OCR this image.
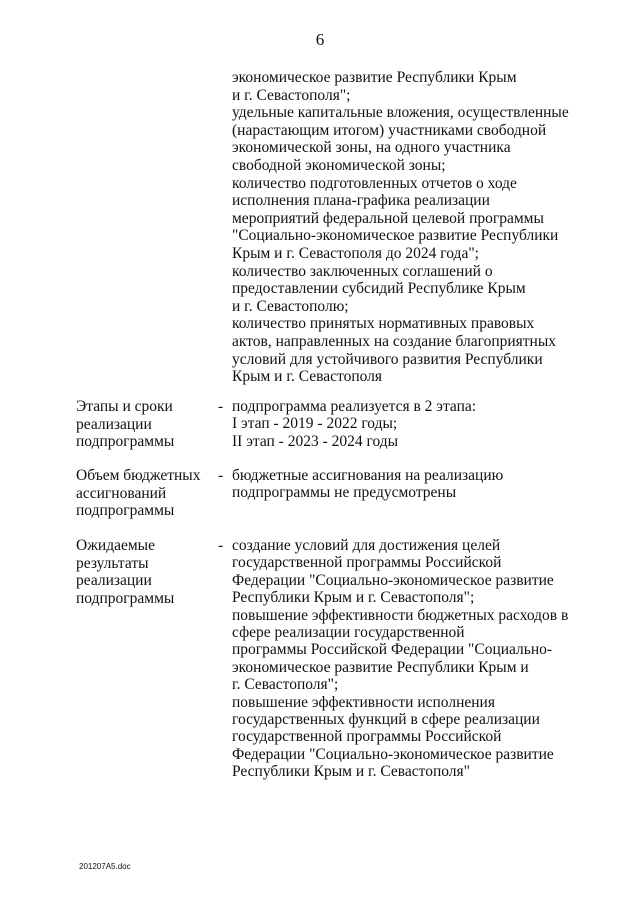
6
экономическое развитие Республики Крым
и г. Севастополя";
удельные капитальные вложения, осуществленные
(нарастающим итогом) участниками свободной
экономической зоны, на одного участника
свободной экономической зоны;
количество подготовленных отчетов о ходе
исполнения плана-графика реализации
мероприятий федеральной целевой программы
"Социально-экономическое развитие Республики
Крым и г. Севастополя до 2024 года";
количество заключенных соглашений о
предоставлении субсидий Республике Крым
и г. Севастополю;
количество принятых нормативных правовых
актов, направленных на создание благоприятных
условий для устойчивого развития Республики
Крым и г. Севастополя
Этапы и сроки
реализации
подпрограммы
- подпрограмма реализуется в 2 этапа:
I этап - 2019 - 2022 годы;
II этап - 2023 - 2024 годы
Объем бюджетных
ассигнований
подпрограммы
- бюджетные ассигнования на реализацию
подпрограммы не предусмотрены
Ожидаемые
результаты
реализации
подпрограммы
- создание условий для достижения целей
государственной программы Российской
Федерации "Социально-экономическое развитие
Республики Крым и г. Севастополя";
повышение эффективности бюджетных расходов в
сфере реализации государственной
программы Российской Федерации "Социально-
экономическое развитие Республики Крым и
г. Севастополя";
повышение эффективности исполнения
государственных функций в сфере реализации
государственной программы Российской
Федерации "Социально-экономическое развитие
Республики Крым и г. Севастополя"
201207A5.doc
